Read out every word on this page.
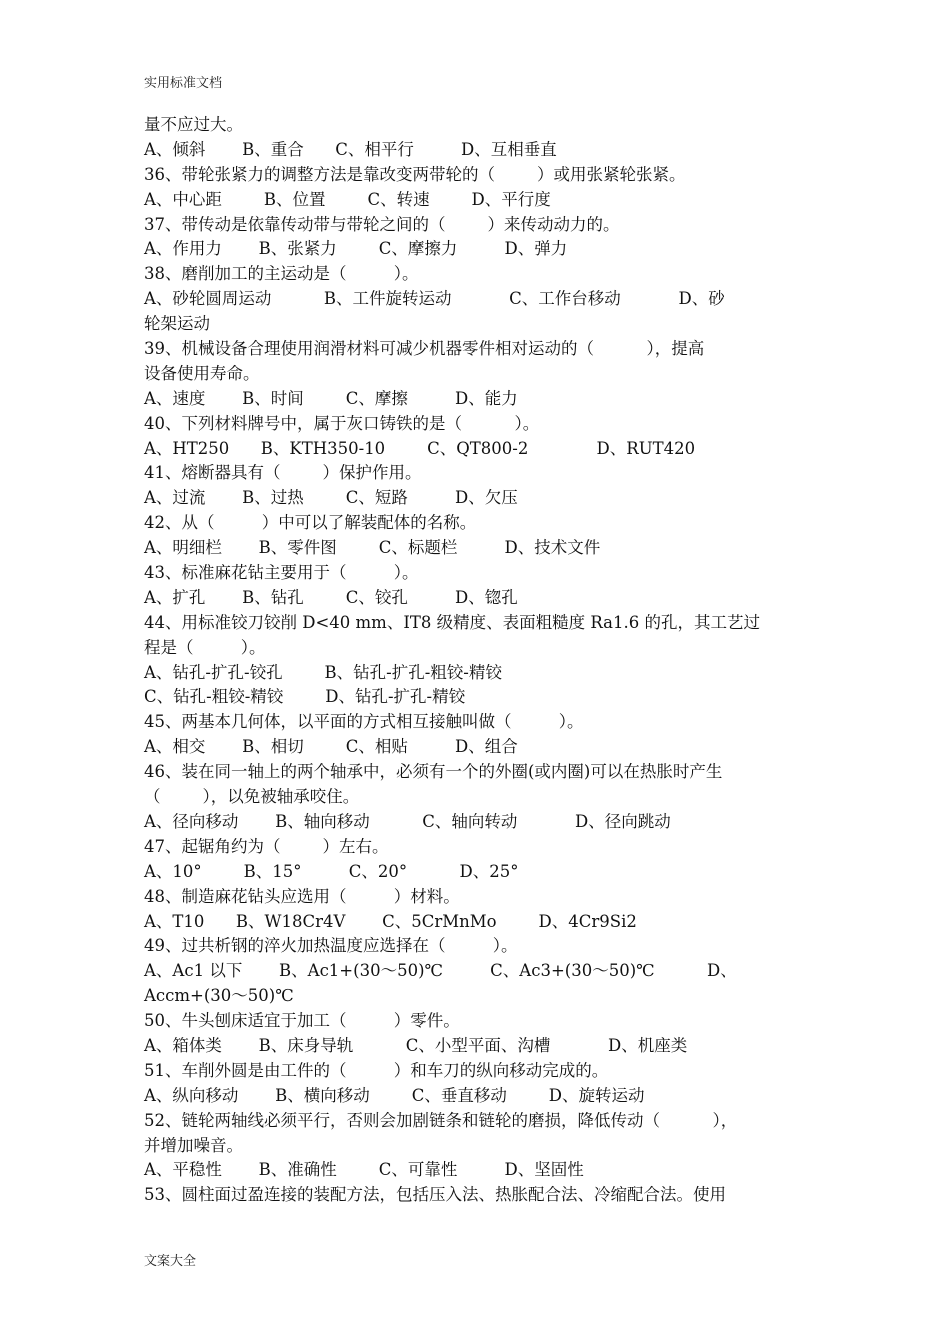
实用标准文档
量不应过大。
A、倾斜       B、重合      C、相平行         D、互相垂直
36、带轮张紧力的调整方法是靠改变两带轮的（        ）或用张紧轮张紧。
A、中心距        B、位置        C、转速        D、平行度
37、带传动是依靠传动带与带轮之间的（        ）来传动动力的。
A、作用力       B、张紧力        C、摩擦力         D、弹力
38、磨削加工的主运动是（         ）。
A、砂轮圆周运动          B、工件旋转运动           C、工作台移动           D、砂
轮架运动
39、机械设备合理使用润滑材料可减少机器零件相对运动的（          ），提高
设备使用寿命。
A、速度       B、时间        C、摩擦         D、能力
40、下列材料牌号中，属于灰口铸铁的是（          ）。
A、HT250      B、KTH350-10        C、QT800-2             D、RUT420
41、熔断器具有（        ）保护作用。
A、过流       B、过热        C、短路         D、欠压
42、从（         ）中可以了解装配体的名称。
A、明细栏       B、零件图        C、标题栏         D、技术文件
43、标准麻花钻主要用于（         ）。
A、扩孔       B、钻孔        C、铰孔         D、锪孔
44、用标准铰刀铰削 D<40 mm、IT8 级精度、表面粗糙度 Ra1.6 的孔，其工艺过
程是（         ）。
A、钻孔-扩孔-铰孔        B、钻孔-扩孔-粗铰-精铰
C、钻孔-粗铰-精铰        D、钻孔-扩孔-精铰
45、两基本几何体，以平面的方式相互接触叫做（         ）。
A、相交       B、相切        C、相贴         D、组合
46、装在同一轴上的两个轴承中，必须有一个的外圈(或内圈)可以在热胀时产生
（        ），以免被轴承咬住。
A、径向移动       B、轴向移动          C、轴向转动           D、径向跳动
47、起锯角约为（        ）左右。
A、10°        B、15°         C、20°          D、25°
48、制造麻花钻头应选用（         ）材料。
A、T10      B、W18Cr4V       C、5CrMnMo        D、4Cr9Si2
49、过共析钢的淬火加热温度应选择在（         ）。
A、Ac1 以下       B、Ac1+(30～50)℃         C、Ac3+(30～50)℃          D、
Accm+(30～50)℃
50、牛头刨床适宜于加工（         ）零件。
A、箱体类       B、床身导轨          C、小型平面、沟槽           D、机座类
51、车削外圆是由工件的（         ）和车刀的纵向移动完成的。
A、纵向移动       B、横向移动        C、垂直移动        D、旋转运动
52、链轮两轴线必须平行，否则会加剧链条和链轮的磨损，降低传动（          ），
并增加噪音。
A、平稳性       B、准确性        C、可靠性         D、坚固性
53、圆柱面过盈连接的装配方法，包括压入法、热胀配合法、冷缩配合法。使用
文案大全
